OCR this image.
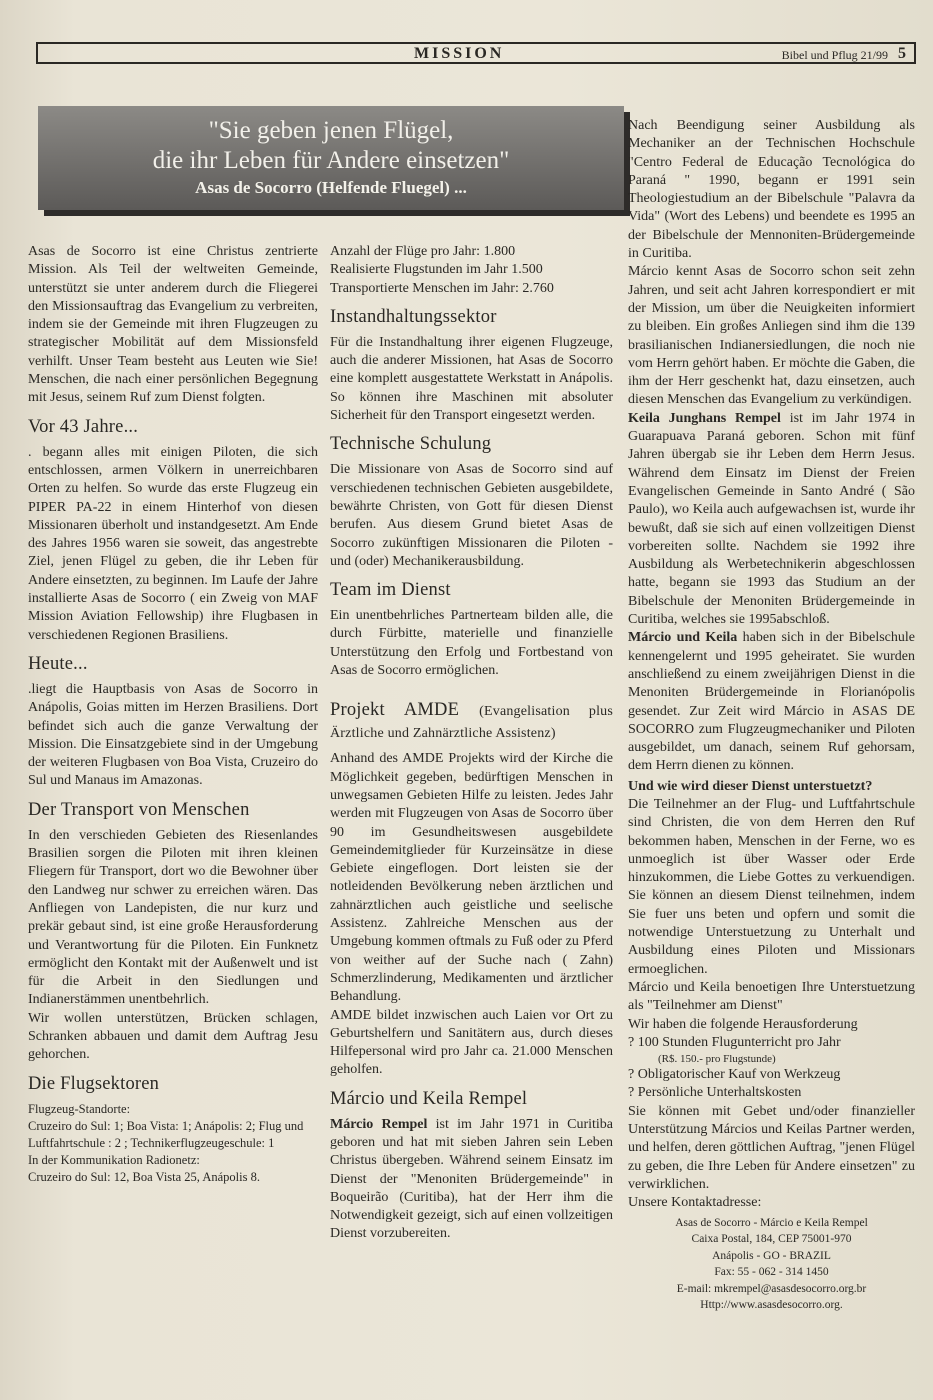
MISSION	Bibel und Pflug 21/99 5
"Sie geben jenen Flügel,
die ihr Leben für Andere einsetzen"
Asas de Socorro (Helfende Fluegel) ...

Asas de Socorro ist eine Christus zentrierte Mission. Als Teil der weltweiten Gemeinde, unterstützt sie unter anderem durch die Fliegerei den Missionsauftrag das Evangelium zu verbreiten, indem sie der Gemeinde mit ihren Flugzeugen zu strategischer Mobilität auf dem Missionsfeld verhilft. Unser Team besteht aus Leuten wie Sie! Menschen, die nach einer persönlichen Begegnung mit Jesus, seinem Ruf zum Dienst folgten.

Vor 43 Jahre...

. begann alles mit einigen Piloten, die sich entschlossen, armen Völkern in unerreichbaren Orten zu helfen. So wurde das erste Flugzeug ein PIPER PA-22 in einem Hinterhof von diesen Missionaren überholt und instandgesetzt. Am Ende des Jahres 1956 waren sie soweit, das angestrebte Ziel, jenen Flügel zu geben, die ihr Leben für Andere einsetzten, zu beginnen. Im Laufe der Jahre installierte Asas de Socorro ( ein Zweig von MAF Mission Aviation Fellowship) ihre Flugbasen in verschiedenen Regionen Brasiliens.

Heute...

.liegt die Hauptbasis von Asas de Socorro in Anápolis, Goias mitten im Herzen Brasiliens. Dort befindet sich auch die ganze Verwaltung der Mission. Die Einsatzgebiete sind in der Umgebung der weiteren Flugbasen von Boa Vista, Cruzeiro do Sul und Manaus im Amazonas.

Der Transport von Menschen

In den verschieden Gebieten des Riesenlandes Brasilien sorgen die Piloten mit ihren kleinen Fliegern für Transport, dort wo die Bewohner über den Landweg nur schwer zu erreichen wären. Das Anfliegen von Landepisten, die nur kurz und prekär gebaut sind, ist eine große Herausforderung und Verantwortung für die Piloten. Ein Funknetz ermöglicht den Kontakt mit der Außenwelt und ist für die Arbeit in den Siedlungen und Indianerstämmen unentbehrlich.

Wir wollen unterstützen, Brücken schlagen, Schranken abbauen und damit dem Auftrag Jesu gehorchen.

Die Flugsektoren

Flugzeug-Standorte:

Cruzeiro do Sul: 1; Boa Vista: 1; Anápolis: 2; Flug und Luftfahrtschule : 2 ; Technikerflugzeugeschule: 1

In der Kommunikation Radionetz:

Cruzeiro do Sul: 12, Boa Vista 25, Anápolis 8.

Anzahl der Flüge pro Jahr: 1.800

Realisierte Flugstunden im Jahr 1.500

Transportierte Menschen im Jahr: 2.760

Instandhaltungssektor

Für die Instandhaltung ihrer eigenen Flugzeuge, auch die anderer Missionen, hat Asas de Socorro eine komplett ausgestattete Werkstatt in Anápolis. So können ihre Maschinen mit absoluter Sicherheit für den Transport eingesetzt werden.

Technische Schulung

Die Missionare von Asas de Socorro sind auf verschiedenen technischen Gebieten ausgebildete, bewährte Christen, von Gott für diesen Dienst berufen. Aus diesem Grund bietet Asas de Socorro zukünftigen Missionaren die Piloten - und (oder) Mechanikerausbildung.

Team im Dienst

Ein unentbehrliches Partnerteam bilden alle, die durch Fürbitte, materielle und finanzielle Unterstützung den Erfolg und Fortbestand von Asas de Socorro ermöglichen.

Projekt AMDE (Evangelisation plus Ärztliche und Zahnärztliche Assistenz)

Anhand des AMDE Projekts wird der Kirche die Möglichkeit gegeben, bedürftigen Menschen in unwegsamen Gebieten Hilfe zu leisten. Jedes Jahr werden mit Flugzeugen von Asas de Socorro über 90 im Gesundheitswesen ausgebildete Gemeindemitglieder für Kurzeinsätze in diese Gebiete eingeflogen. Dort leisten sie der notleidenden Bevölkerung neben ärztlichen und zahnärztlichen auch geistliche und seelische Assistenz. Zahlreiche Menschen aus der Umgebung kommen oftmals zu Fuß oder zu Pferd von weither auf der Suche nach ( Zahn) Schmerzlinderung, Medikamenten und ärztlicher Behandlung.

AMDE bildet inzwischen auch Laien vor Ort zu Geburtshelfern und Sanitätern aus, durch dieses Hilfepersonal wird pro Jahr ca. 21.000 Menschen geholfen.

Márcio und Keila Rempel

Márcio Rempel ist im Jahr 1971 in Curitiba geboren und hat mit sieben Jahren sein Leben Christus übergeben. Während seinem Einsatz im Dienst der "Menoniten Brüdergemeinde" in Boqueirão (Curitiba), hat der Herr ihm die Notwendigkeit gezeigt, sich auf einen vollzeitigen Dienst vorzubereiten.

Nach Beendigung seiner Ausbildung als Mechaniker an der Technischen Hochschule "Centro Federal de Educação Tecnológica do Paraná " 1990, begann er 1991 sein Theologiestudium an der Bibelschule "Palavra da Vida" (Wort des Lebens) und beendete es 1995 an der Bibelschule der Mennoniten-Brüdergemeinde in Curitiba.

Márcio kennt Asas de Socorro schon seit zehn Jahren, und seit acht Jahren korrespondiert er mit der Mission, um über die Neuigkeiten informiert zu bleiben. Ein großes Anliegen sind ihm die 139 brasilianischen Indianersiedlungen, die noch nie vom Herrn gehört haben. Er möchte die Gaben, die ihm der Herr geschenkt hat, dazu einsetzen, auch diesen Menschen das Evangelium zu verkündigen.

Keila Junghans Rempel ist im Jahr 1974 in Guarapuava Paraná geboren. Schon mit fünf Jahren übergab sie ihr Leben dem Herrn Jesus. Während dem Einsatz im Dienst der Freien Evangelischen Gemeinde in Santo André ( São Paulo), wo Keila auch aufgewachsen ist, wurde ihr bewußt, daß sie sich auf einen vollzeitigen Dienst vorbereiten sollte. Nachdem sie 1992 ihre Ausbildung als Werbetechnikerin abgeschlossen hatte, begann sie 1993 das Studium an der Bibelschule der Menoniten Brüdergemeinde in Curitiba, welches sie 1995abschloß.

Márcio und Keila haben sich in der Bibelschule kennengelernt und 1995 geheiratet. Sie wurden anschließend zu einem zweijährigen Dienst in die Menoniten Brüdergemeinde in Florianópolis gesendet. Zur Zeit wird Márcio in ASAS DE SOCORRO zum Flugzeugmechaniker und Piloten ausgebildet, um danach, seinem Ruf gehorsam, dem Herrn dienen zu können.

Und wie wird dieser Dienst unterstuetzt?

Die Teilnehmer an der Flug- und Luftfahrtschule sind Christen, die von dem Herren den Ruf bekommen haben, Menschen in der Ferne, wo es unmoeglich ist über Wasser oder Erde hinzukommen, die Liebe Gottes zu verkuendigen. Sie können an diesem Dienst teilnehmen, indem Sie fuer uns beten und opfern und somit die notwendige Unterstuetzung zu Unterhalt und Ausbildung eines Piloten und Missionars ermoeglichen.

Márcio und Keila benoetigen Ihre Unterstuetzung als "Teilnehmer am Dienst"

Wir haben die folgende Herausforderung

? 100 Stunden Flugunterricht pro Jahr
(R$. 150.- pro Flugstunde)
? Obligatorischer Kauf von Werkzeug
? Persönliche Unterhaltskosten

Sie können mit Gebet und/oder finanzieller Unterstützung Márcios und Keilas Partner werden, und helfen, deren göttlichen Auftrag, "jenen Flügel zu geben, die Ihre Leben für Andere einsetzen" zu verwirklichen.

Unsere Kontaktadresse:

Asas de Socorro - Márcio e Keila Rempel
Caixa Postal, 184, CEP 75001-970
Anápolis - GO - BRAZIL
Fax: 55 - 062 - 314 1450
E-mail: mkrempel@asasdesocorro.org.br
Http://www.asasdesocorro.org.
